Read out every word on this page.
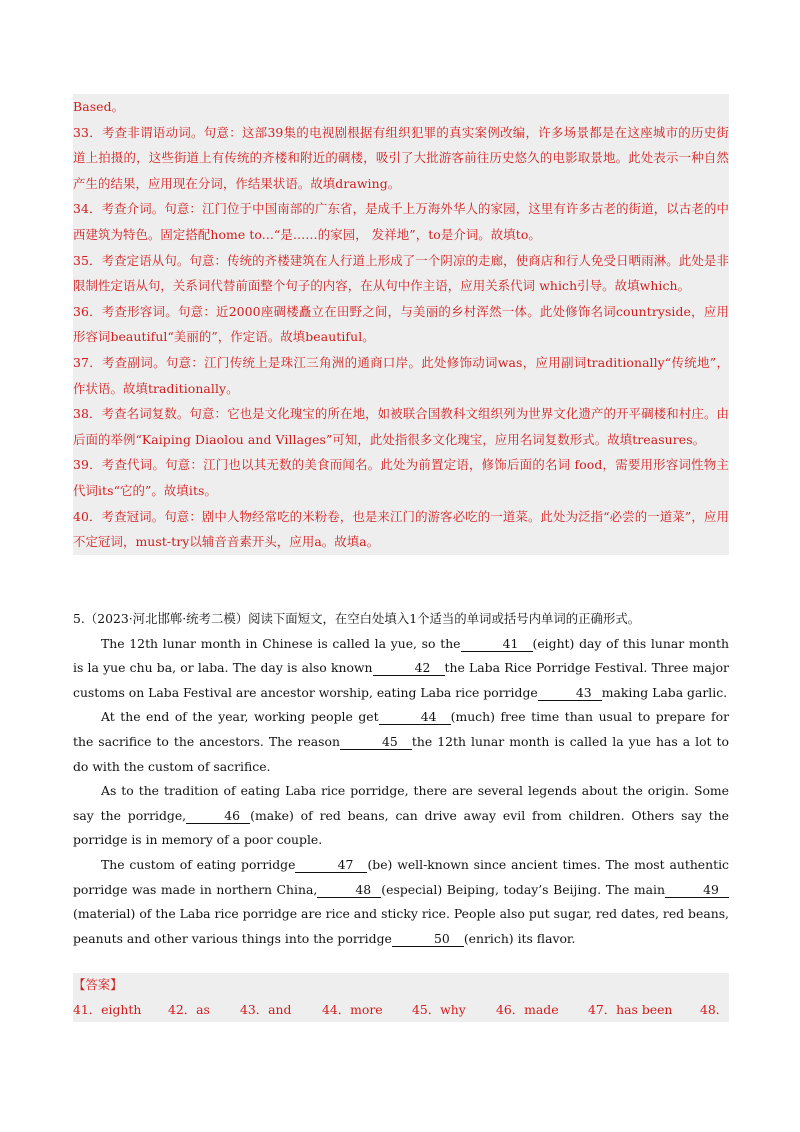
Based。

33．考查非谓语动词。句意：这部39集的电视剧根据有组织犯罪的真实案例改编，许多场景都是在这座城市的历史街道上拍摄的，这些街道上有传统的齐楼和附近的碉楼，吸引了大批游客前往历史悠久的电影取景地。此处表示一种自然产生的结果，应用现在分词，作结果状语。故填drawing。

34．考查介词。句意：江门位于中国南部的广东省，是成千上万海外华人的家园，这里有许多古老的街道，以古老的中西建筑为特色。固定搭配home to...“是……的家园， 发祥地”，to是介词。故填to。

35．考查定语从句。句意：传统的齐楼建筑在人行道上形成了一个阴凉的走廊，使商店和行人免受日晒雨淋。此处是非限制性定语从句，关系词代替前面整个句子的内容，在从句中作主语，应用关系代词 which引导。故填which。

36．考查形容词。句意：近2000座碉楼矗立在田野之间，与美丽的乡村浑然一体。此处修饰名词countryside，应用形容词beautiful“美丽的”，作定语。故填beautiful。

37．考查副词。句意：江门传统上是珠江三角洲的通商口岸。此处修饰动词was，应用副词traditionally“传统地”，作状语。故填traditionally。

38．考查名词复数。句意：它也是文化瑰宝的所在地，如被联合国教科文组织列为世界文化遗产的开平碉楼和村庄。由后面的举例“Kaiping Diaolou and Villages”可知，此处指很多文化瑰宝，应用名词复数形式。故填treasures。

39．考查代词。句意：江门也以其无数的美食而闻名。此处为前置定语，修饰后面的名词 food，需要用形容词性物主代词its“它的”。故填its。

40．考查冠词。句意：剧中人物经常吃的米粉卷，也是来江门的游客必吃的一道菜。此处为泛指“必尝的一道菜”，应用不定冠词，must-try以辅音音素开头，应用a。故填a。

5.（2023·河北邯郸·统考二模）阅读下面短文，在空白处填入1个适当的单词或括号内单词的正确形式。

The 12th lunar month in Chinese is called la yue, so the	41 (eight) day of this lunar month is la yue chu ba, or laba. The day is also known	42 the Laba Rice Porridge Festival. Three major customs on Laba Festival are ancestor worship, eating Laba rice porridge	43 making Laba garlic.

At the end of the year, working people get	44 (much) free time than usual to prepare for the sacrifice to the ancestors. The reason	45 the 12th lunar month is called la yue has a lot to do with the custom of sacrifice.

As to the tradition of eating Laba rice porridge, there are several legends about the origin. Some say the porridge,	46 (make) of red beans, can drive away evil from children. Others say the porridge is in memory of a poor couple.

The custom of eating porridge	47 (be) well-known since ancient times. The most authentic porridge was made in northern China,	48 (especial) Beiping, today’s Beijing. The main	49(material) of the Laba rice porridge are rice and sticky rice. People also put sugar, red dates, red beans, peanuts and other various things into the porridge	50 (enrich) its flavor.

【答案】

41．eighth	42．as	43．and	44．more	45．why	46．made	47．has been	48．
